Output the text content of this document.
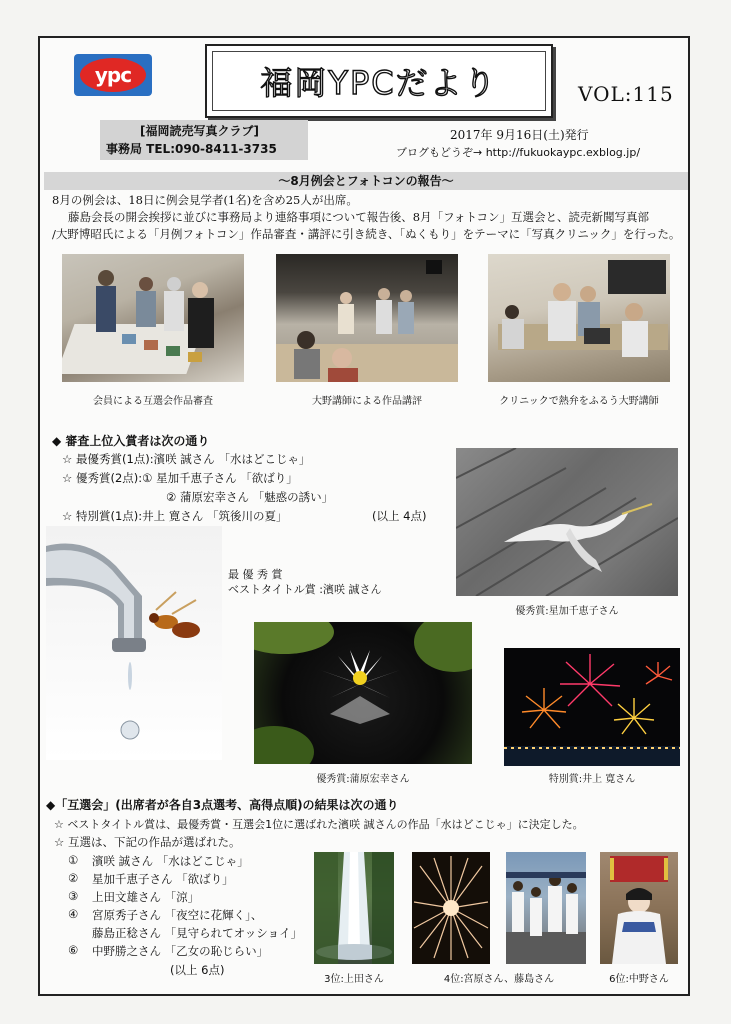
ypc	福岡YPCだより	VOL:115
[福岡読売写真クラブ]
事務局 TEL:090-8411-3735
2017年 9月16日(土)発行
ブログもどうぞ→ http://fukuokaypc.exblog.jp/
～8月例会とフォトコンの報告～
8月の例会は、18日に例会見学者(1名)を含め25人が出席。
藤島会長の開会挨拶に並びに事務局より連絡事項について報告後、8月「フォトコン」互選会と、読売新聞写真部
/大野博昭氏による「月例フォトコン」作品審査・講評に引き続き、「ぬくもり」をテーマに「写真クリニック」を行った。
会員による互選会作品審査	大野講師による作品講評	クリニックで熱弁をふるう大野講師
◆ 審査上位入賞者は次の通り
☆ 最優秀賞(1点):濱咲 誠さん 「水はどこじゃ」
☆ 優秀賞(2点):① 星加千恵子さん 「欲ばり」
② 蒲原宏幸さん 「魅惑の誘い」
☆ 特別賞(1点):井上 寛さん 「筑後川の夏」	(以上 4点)
優秀賞:星加千恵子さん
最 優 秀 賞
ベストタイトル賞 :濱咲 誠さん
優秀賞:蒲原宏幸さん	特別賞:井上 寛さん
◆「互選会」(出席者が各自3点選考、高得点順)の結果は次の通り
☆ ベストタイトル賞は、最優秀賞・互選会1位に選ばれた濱咲 誠さんの作品「水はどこじゃ」に決定した。
☆ 互選は、下記の作品が選ばれた。
① 濱咲 誠さん 「水はどこじゃ」
② 星加千恵子さん 「欲ばり」
③ 上田文雄さん 「涼」
④ 宮原秀子さん 「夜空に花輝く」、
藤島正稔さん 「見守られてオッショイ」
⑥ 中野勝之さん 「乙女の恥じらい」
(以上 6点)
3位:上田さん	4位:宮原さん、藤島さん	6位:中野さん
